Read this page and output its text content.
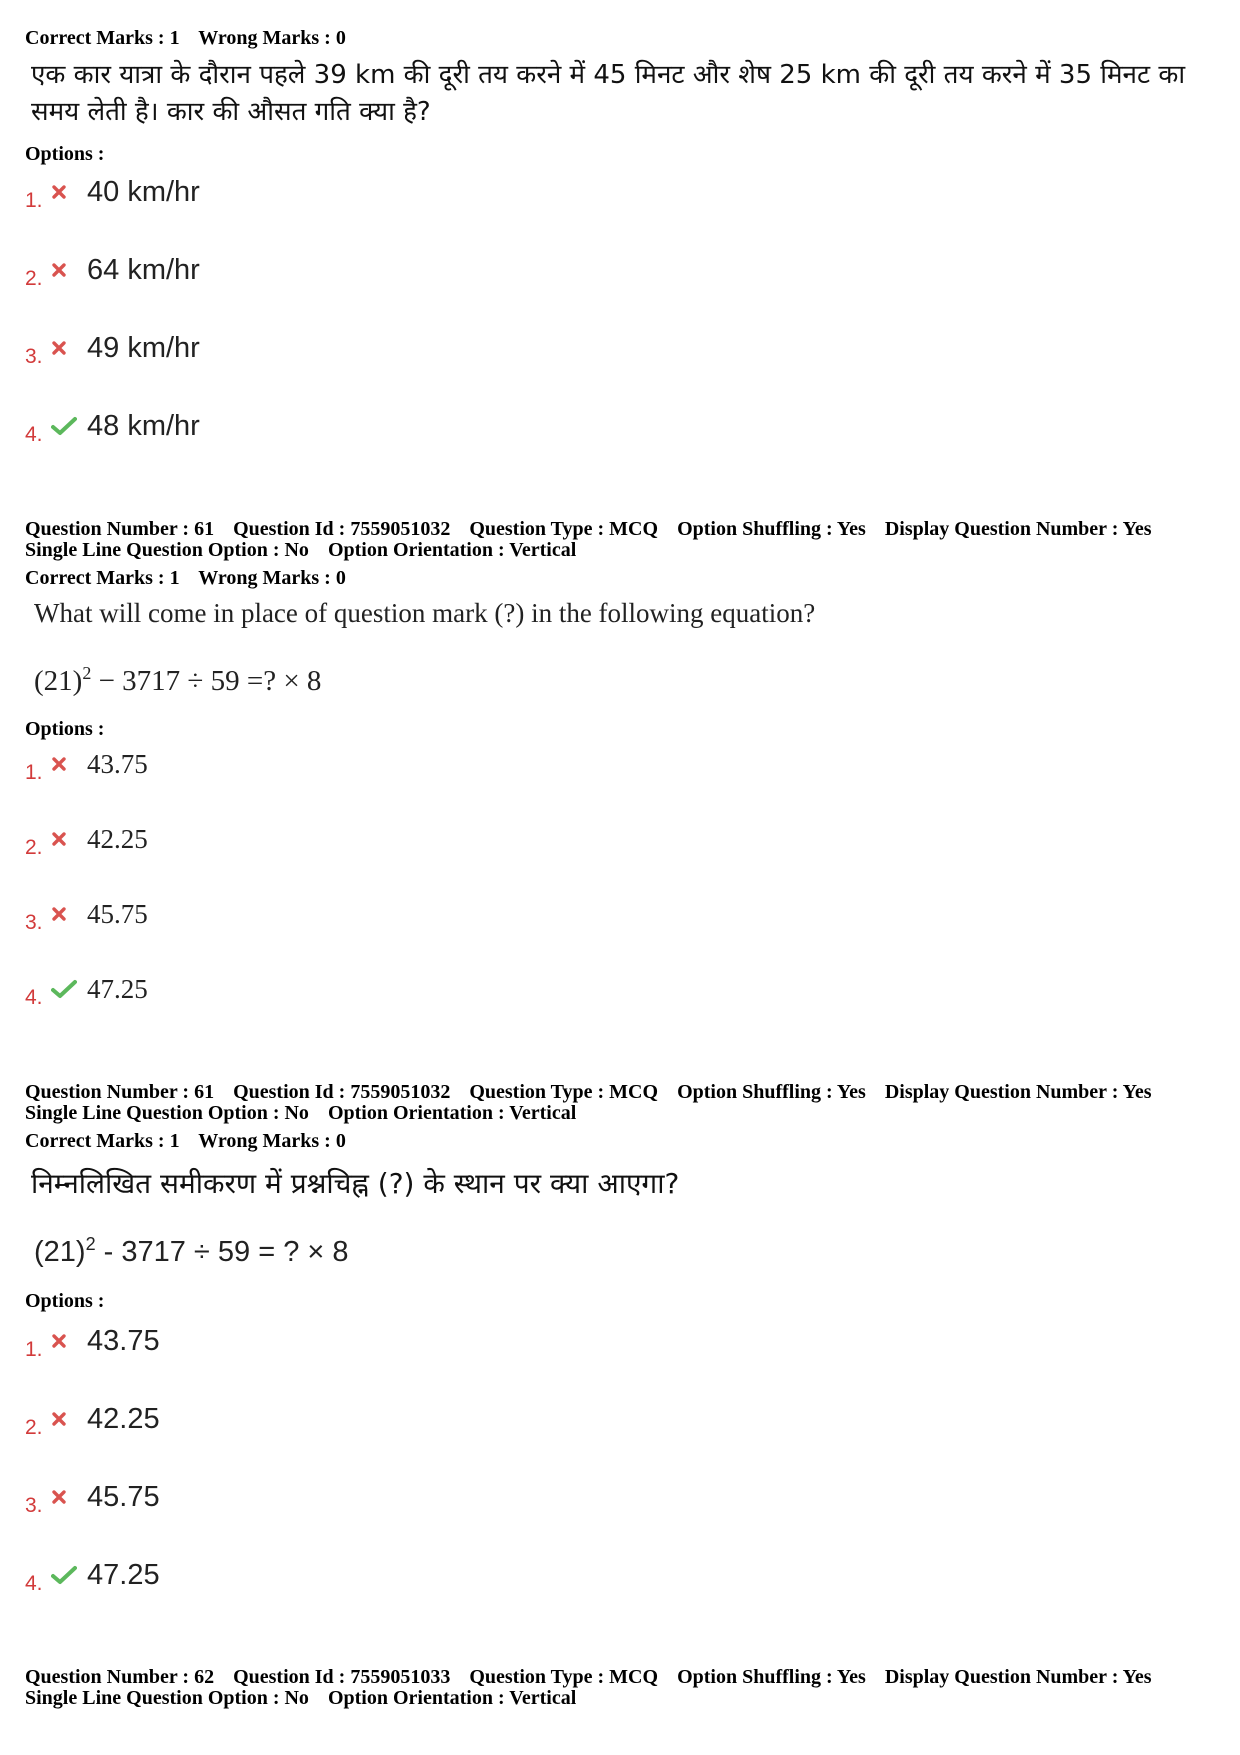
Correct Marks : 1 Wrong Marks : 0
एक कार यात्रा के दौरान पहले 39 km की दूरी तय करने में 45 मिनट और शेष 25 km की दूरी तय करने में 35 मिनट का समय लेती है। कार की औसत गति क्या है?
Options :
1. 40 km/hr
2. 64 km/hr
3. 49 km/hr
4. 48 km/hr
Question Number : 61 Question Id : 7559051032 Question Type : MCQ Option Shuffling : Yes Display Question Number : Yes
Single Line Question Option : No Option Orientation : Vertical
Correct Marks : 1 Wrong Marks : 0
What will come in place of question mark (?) in the following equation?
$(21)^2 - 3717 \div 59$ =? × 8
Options :
1.	43.75
2.	42.25
3.	45.75
4.	47.25
Question Number : 61 Question Id : 7559051032 Question Type : MCQ Option Shuffling : Yes Display Question Number : Yes
Single Line Question Option : No Option Orientation : Vertical
Correct Marks : 1 Wrong Marks : 0
निम्नलिखित समीकरण में प्रश्नचिह्न (?) के स्थान पर क्या आएगा?
$(21)^2 - 3717 \div 59$ = ? × 8
Options :
1. 43.75
2. 42.25
3. 45.75
4. 47.25
Question Number : 62 Question Id : 7559051033 Question Type : MCQ Option Shuffling : Yes Display Question Number : Yes
Single Line Question Option : No Option Orientation : Vertical
